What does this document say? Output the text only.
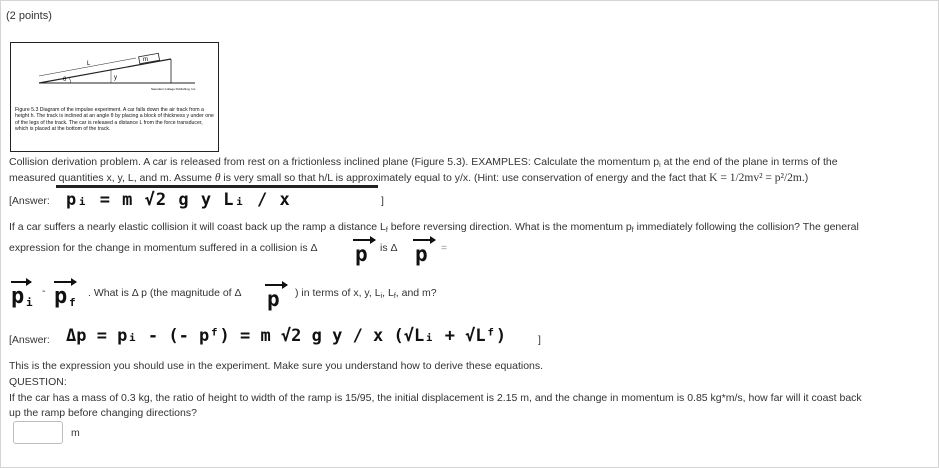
(2 points)
m
L
y
θ
Saunders College Publishing, Inc.
Figure 5.3 Diagram of the impulse experiment. A car falls down the air track from a height h. The track is inclined at an angle θ by placing a block of thickness y under one of the legs of the track. The car is released a distance L from the force transducer, which is placed at the bottom of the track.
Collision derivation problem. A car is released from rest on a frictionless inclined plane (Figure 5.3). EXAMPLES: Calculate the momentum $p_i$ at the end of the plane in terms of the
measured quantities x, y, L, and m. Assume θ is very small so that h/L is approximately equal to y/x. (Hint: use conservation of energy and the fact that K = 1/2mv² = p²/2m.)
[Answer: pᵢ = m √2 g y Lᵢ / x	]
If a car suffers a nearly elastic collision it will coast back up the ramp a distance $L_f$ before reversing direction. What is the momentum $p_f$ immediately following the collision? The general
expression for the change in momentum suffered in a collision is Δ p is Δ p =
p i
- p f
. What is Δ p (the magnitude of Δ p ) in terms of x, y, $L_i$, $L_f$, and m?
[Answer: Δp = pᵢ - (- pᶠ) = m √2 g y / x (√Lᵢ + √Lᶠ)	]
This is the expression you should use in the experiment. Make sure you understand how to derive these equations.
QUESTION:
If the car has a mass of 0.3 kg, the ratio of height to width of the ramp is 15/95, the initial displacement is 2.15 m, and the change in momentum is 0.85 kg*m/s, how far will it coast back
up the ramp before changing directions?
m
